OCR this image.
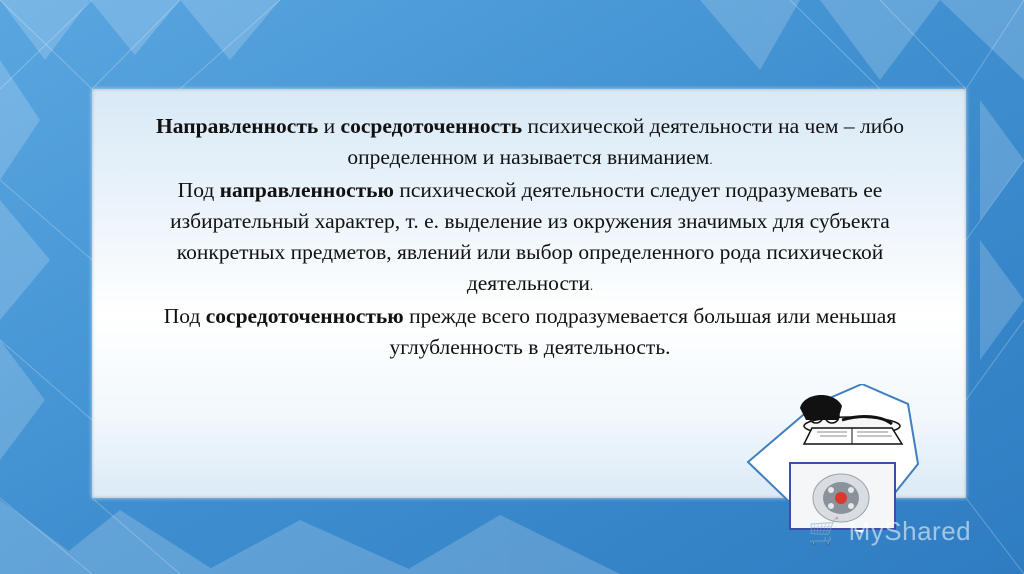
Направленность и сосредоточенность психической деятельности на чем – либо определенном и называется вниманием.

Под направленностью психической деятельности следует подразумевать ее избирательный характер, т. е. выделение из окружения значимых для субъекта конкретных предметов, явлений или выбор определенного рода психической деятельности.

Под сосредоточенностью прежде всего подразумевается большая или меньшая углубленность в деятельность.

🛒 MyShared
